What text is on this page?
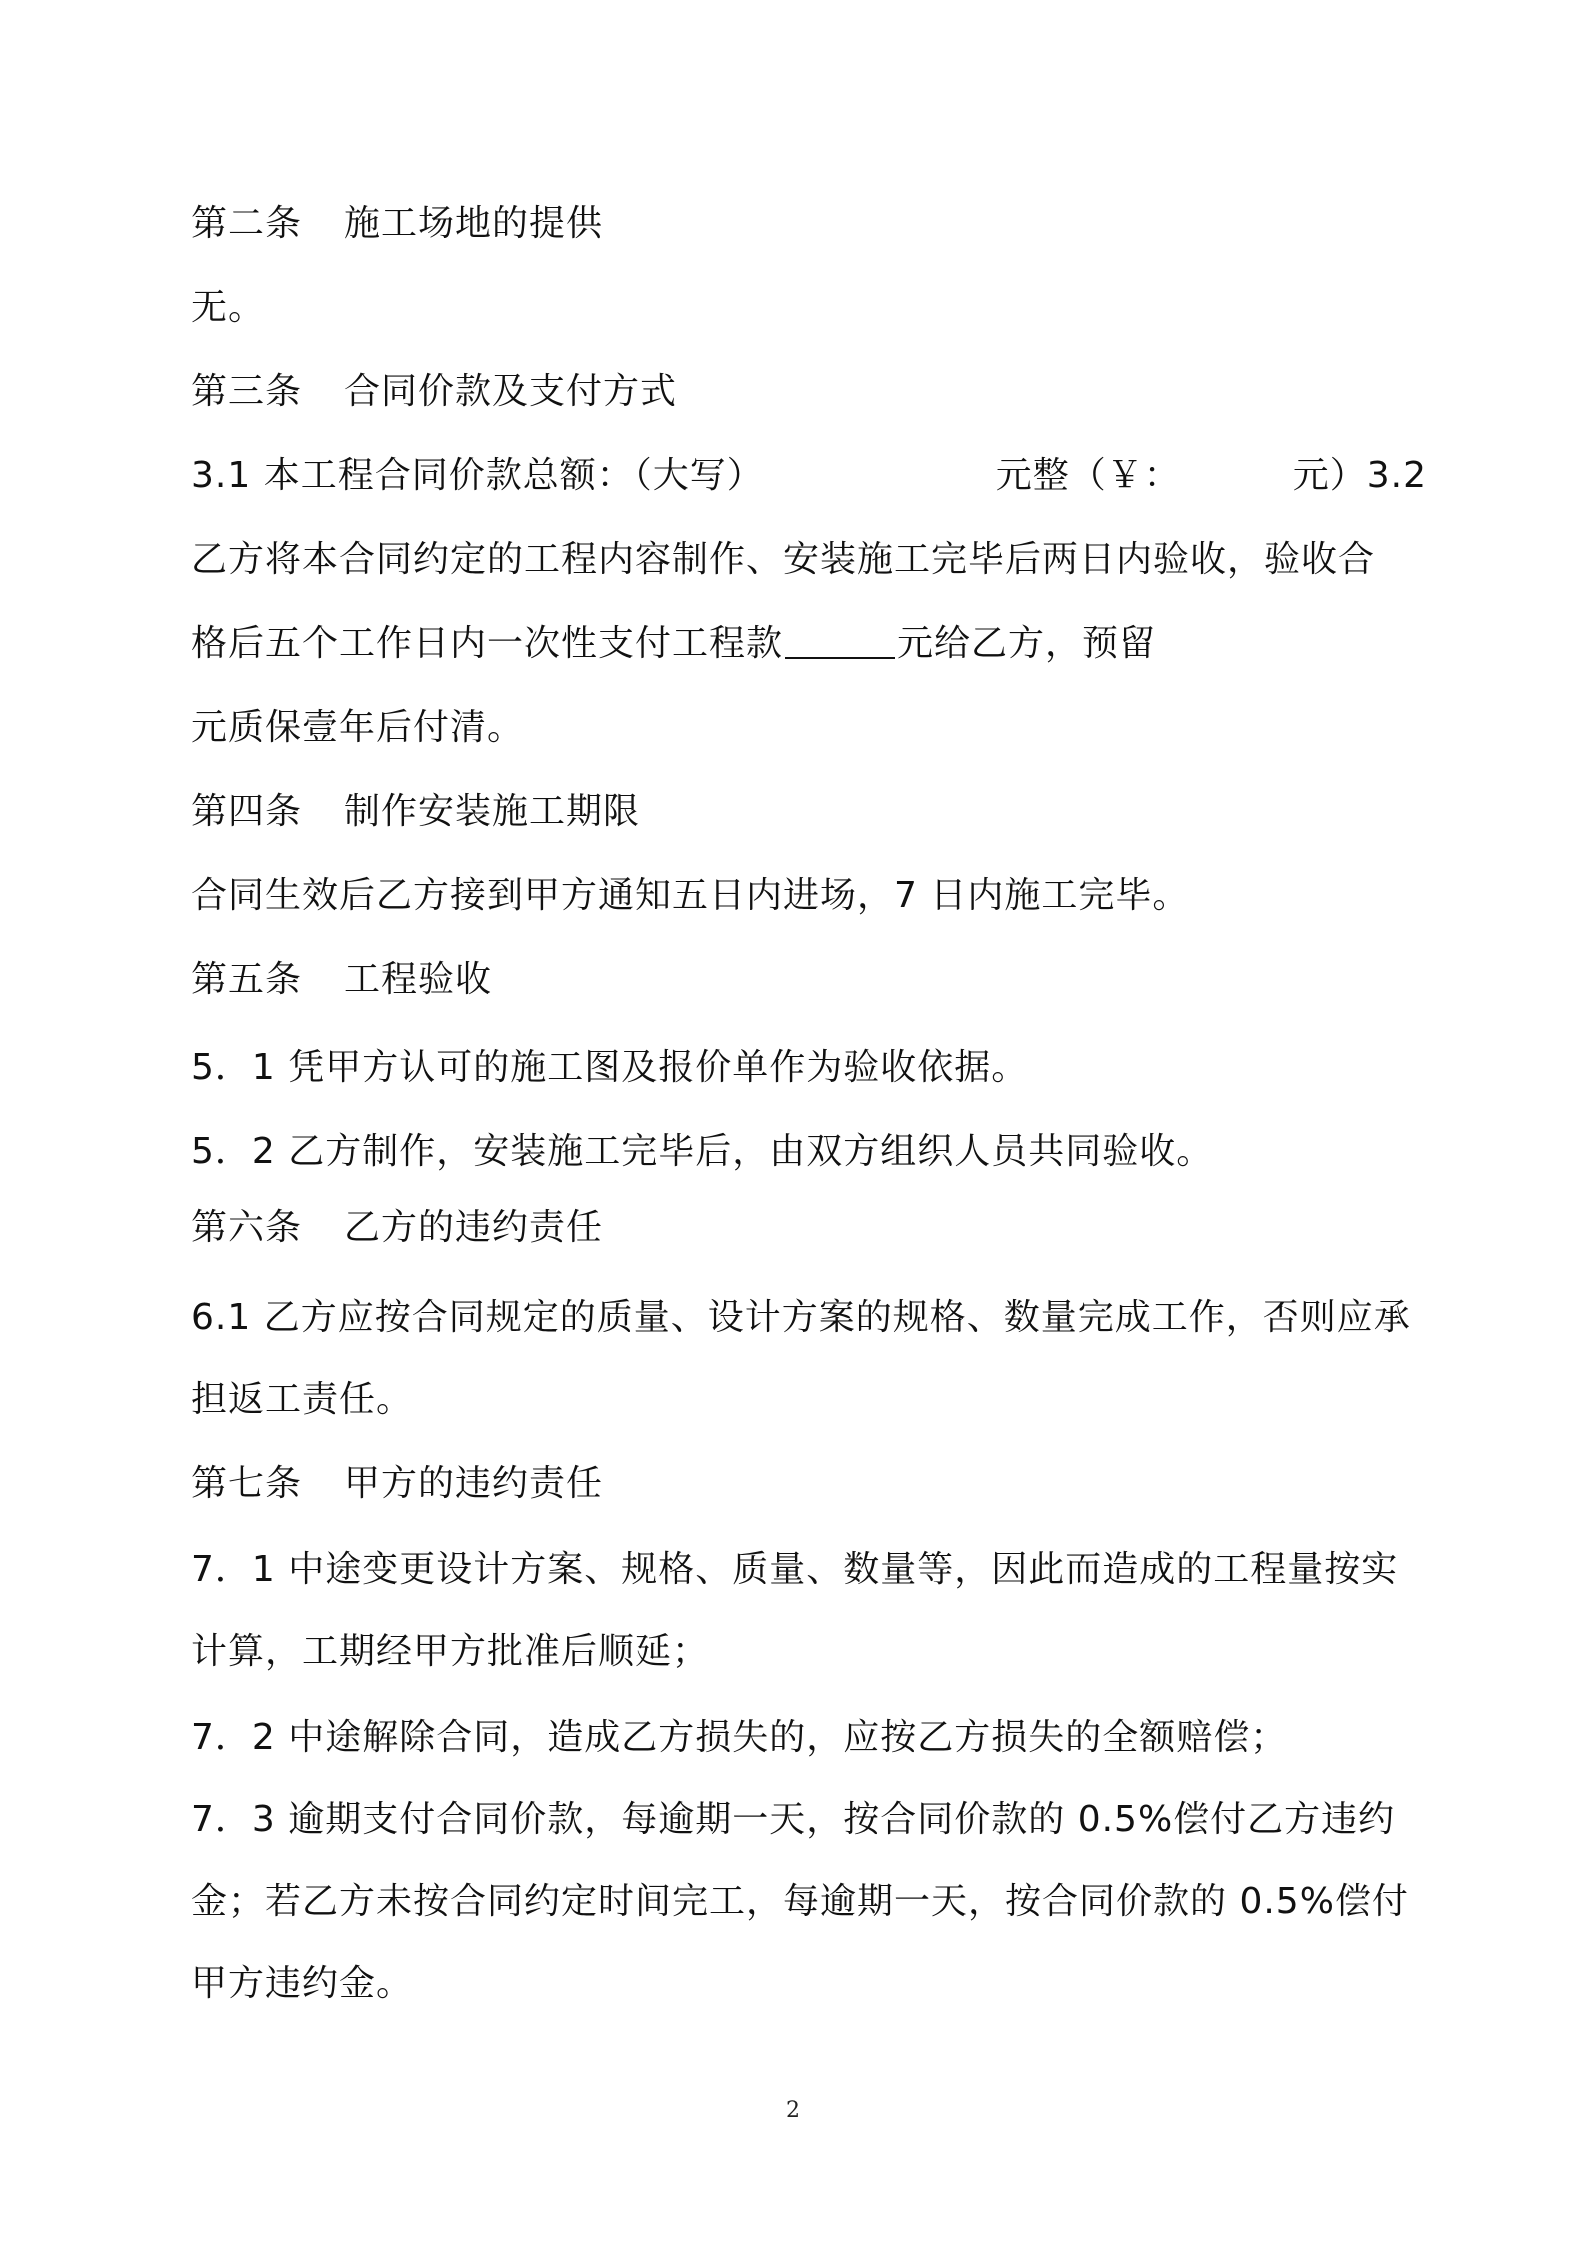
第二条 施工场地的提供
无。
第三条 合同价款及支付方式
3.1 本工程合同价款总额：（大写）	元整（￥：	元）3.2
乙方将本合同约定的工程内容制作、安装施工完毕后两日内验收，验收合
格后五个工作日内一次性支付工程款	元给乙方，预留
元质保壹年后付清。
第四条 制作安装施工期限
合同生效后乙方接到甲方通知五日内进场，7 日内施工完毕。
第五条 工程验收
5．1 凭甲方认可的施工图及报价单作为验收依据。
5．2 乙方制作，安装施工完毕后，由双方组织人员共同验收。
第六条 乙方的违约责任
6.1 乙方应按合同规定的质量、设计方案的规格、数量完成工作，否则应承
担返工责任。
第七条 甲方的违约责任
7．1 中途变更设计方案、规格、质量、数量等，因此而造成的工程量按实
计算，工期经甲方批准后顺延；
7．2 中途解除合同，造成乙方损失的，应按乙方损失的全额赔偿；
7．3 逾期支付合同价款，每逾期一天，按合同价款的 0.5%偿付乙方违约
金；若乙方未按合同约定时间完工，每逾期一天，按合同价款的 0.5%偿付
甲方违约金。
2
